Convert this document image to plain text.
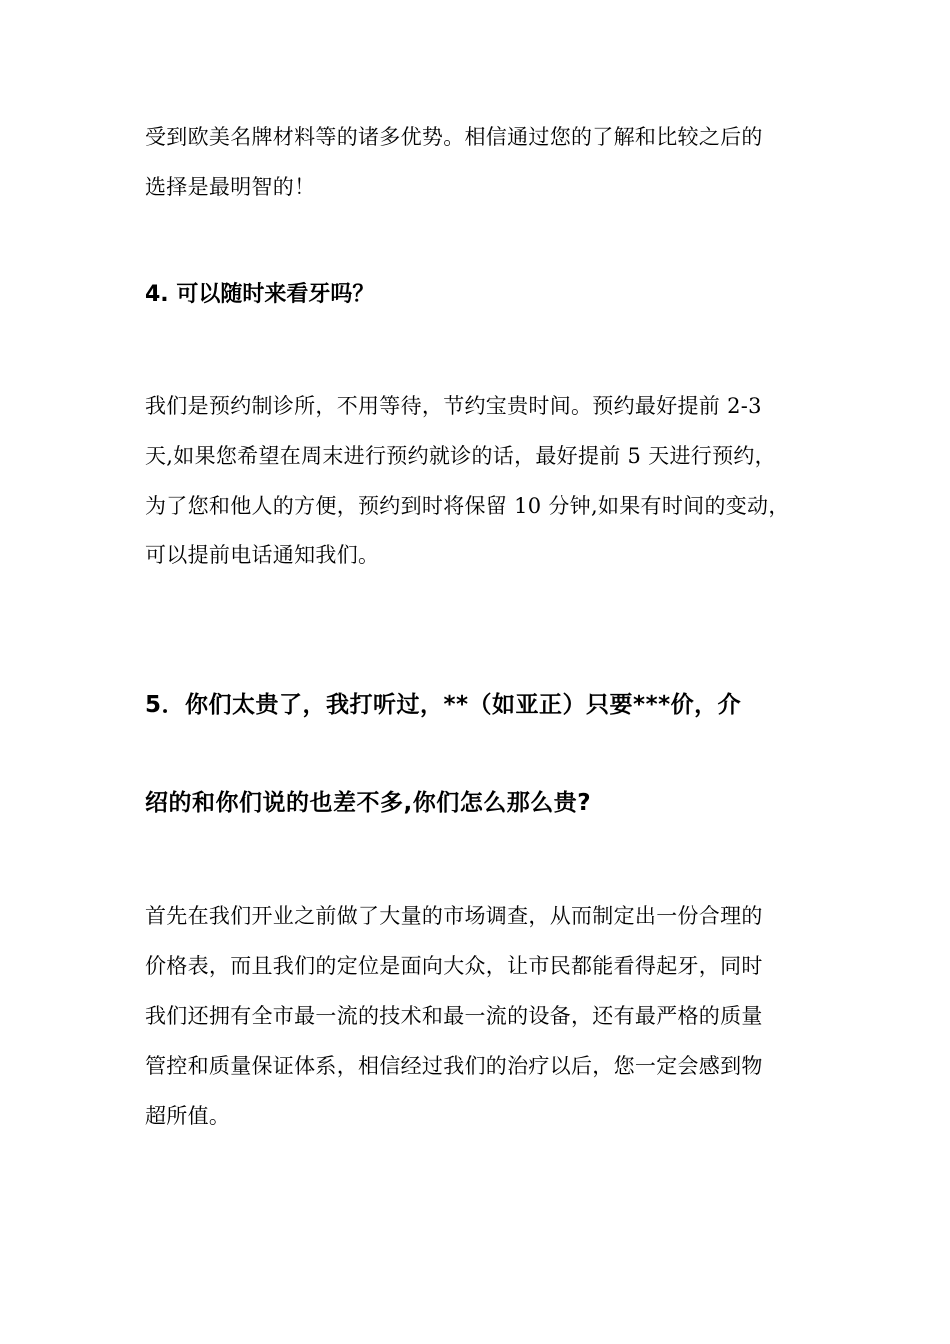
受到欧美名牌材料等的诸多优势。相信通过您的了解和比较之后的
选择是最明智的！
4. 可以随时来看牙吗？
我们是预约制诊所，不用等待，节约宝贵时间。预约最好提前 2-3
天,如果您希望在周末进行预约就诊的话，最好提前 5 天进行预约，
为了您和他人的方便，预约到时将保留 10 分钟,如果有时间的变动，
可以提前电话通知我们。
5．你们太贵了，我打听过，**（如亚正）只要***价，介
绍的和你们说的也差不多,你们怎么那么贵?
首先在我们开业之前做了大量的市场调查，从而制定出一份合理的
价格表，而且我们的定位是面向大众，让市民都能看得起牙，同时
我们还拥有全市最一流的技术和最一流的设备，还有最严格的质量
管控和质量保证体系，相信经过我们的治疗以后，您一定会感到物
超所值。
